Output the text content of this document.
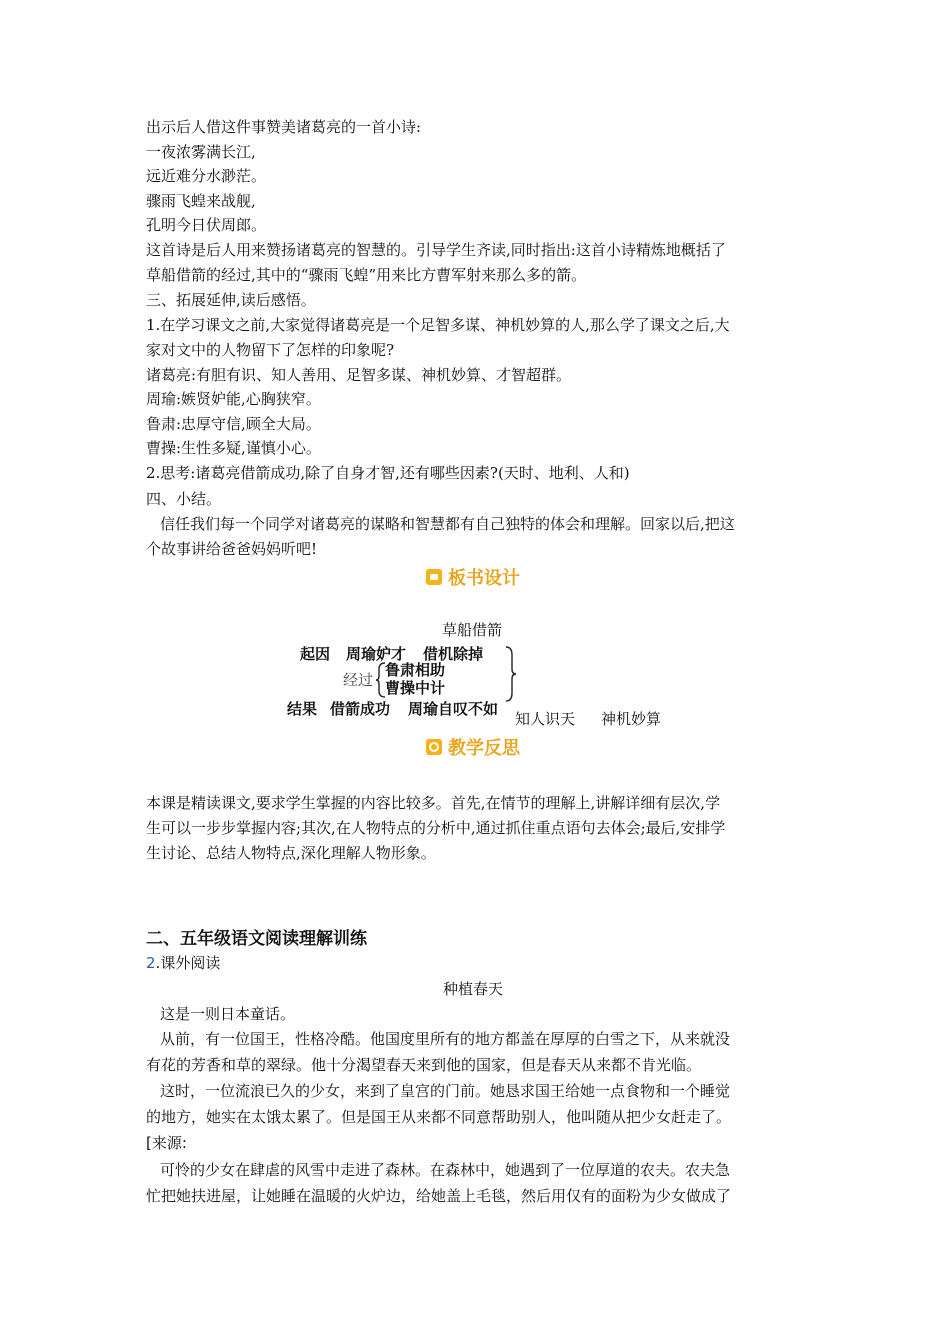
出示后人借这件事赞美诸葛亮的一首小诗:
一夜浓雾满长江,
远近难分水渺茫。
骤雨飞蝗来战舰,
孔明今日伏周郎。
这首诗是后人用来赞扬诸葛亮的智慧的。引导学生齐读,同时指出:这首小诗精炼地概括了
草船借箭的经过,其中的“骤雨飞蝗”用来比方曹军射来那么多的箭。
三、拓展延伸,读后感悟。
1.在学习课文之前,大家觉得诸葛亮是一个足智多谋、神机妙算的人,那么学了课文之后,大
家对文中的人物留下了怎样的印象呢?
诸葛亮:有胆有识、知人善用、足智多谋、神机妙算、才智超群。
周瑜:嫉贤妒能,心胸狭窄。
鲁肃:忠厚守信,顾全大局。
曹操:生性多疑,谨慎小心。
2.思考:诸葛亮借箭成功,除了自身才智,还有哪些因素?(天时、地利、人和)
四、小结。
信任我们每一个同学对诸葛亮的谋略和智慧都有自己独特的体会和理解。回家以后,把这
个故事讲给爸爸妈妈听吧!
板书设计
草船借箭
起因 周瑜妒才 借机除掉
经过
鲁肃相助
曹操中计
结果 借箭成功 周瑜自叹不如
知人识天 神机妙算
教学反思
本课是精读课文,要求学生掌握的内容比较多。首先,在情节的理解上,讲解详细有层次,学
生可以一步步掌握内容;其次,在人物特点的分析中,通过抓住重点语句去体会;最后,安排学
生讨论、总结人物特点,深化理解人物形象。
二、五年级语文阅读理解训练
2.课外阅读
种植春天
这是一则日本童话。
从前，有一位国王，性格冷酷。他国度里所有的地方都盖在厚厚的白雪之下，从来就没
有花的芳香和草的翠绿。他十分渴望春天来到他的国家，但是春天从来都不肯光临。
这时，一位流浪已久的少女，来到了皇宫的门前。她恳求国王给她一点食物和一个睡觉
的地方，她实在太饿太累了。但是国王从来都不同意帮助别人，他叫随从把少女赶走了。
[来源:
可怜的少女在肆虐的风雪中走进了森林。在森林中，她遇到了一位厚道的农夫。农夫急
忙把她扶进屋，让她睡在温暖的火炉边，给她盖上毛毯，然后用仅有的面粉为少女做成了
